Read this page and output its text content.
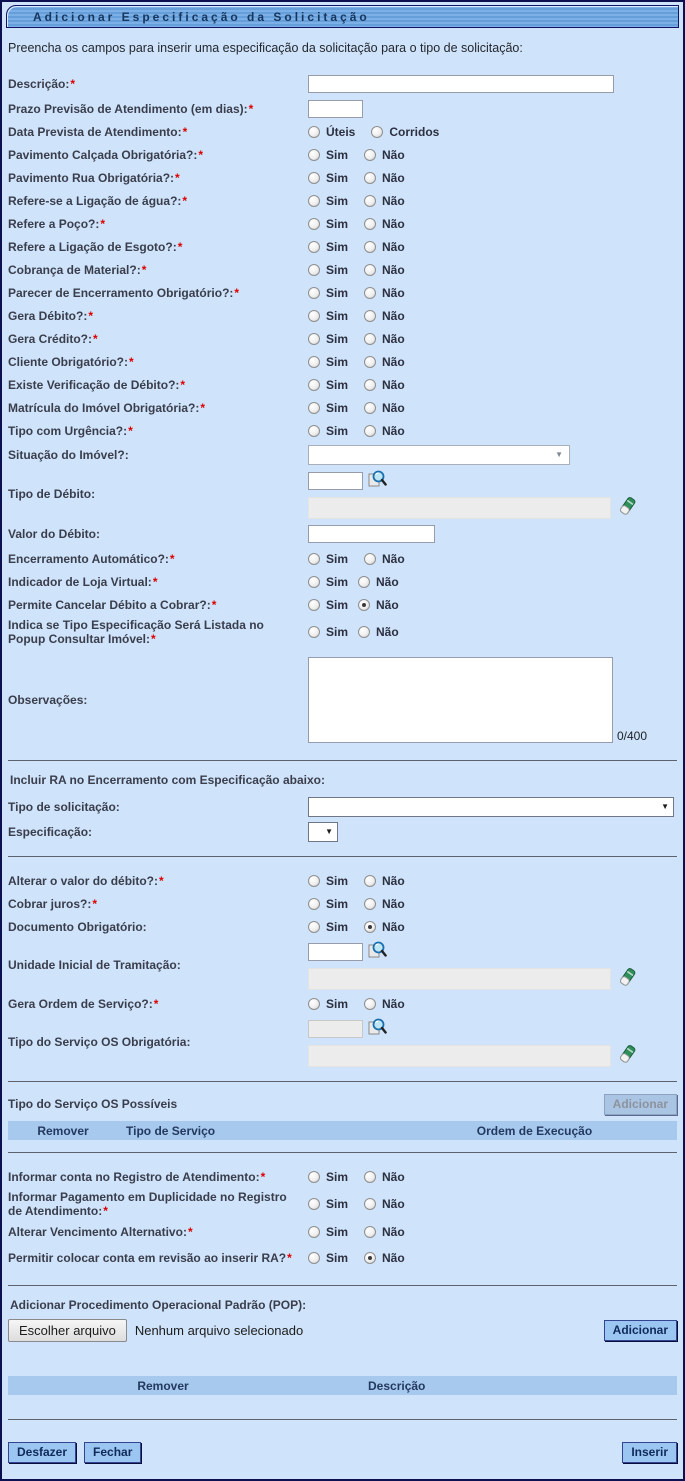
Adicionar Especificação da Solicitação
Preencha os campos para inserir uma especificação da solicitação para o tipo de solicitação:
Descrição:*
Prazo Previsão de Atendimento (em dias):*
Data Prevista de Atendimento:*	Úteis	Corridos
Pavimento Calçada Obrigatória?:*	Sim	Não
Pavimento Rua Obrigatória?:*	Sim	Não
Refere-se a Ligação de água?:*	Sim	Não
Refere a Poço?:*	Sim	Não
Refere a Ligação de Esgoto?:*	Sim	Não
Cobrança de Material?:*	Sim	Não
Parecer de Encerramento Obrigatório?:*	Sim	Não
Gera Débito?:*	Sim	Não
Gera Crédito?:*	Sim	Não
Cliente Obrigatório?:*	Sim	Não
Existe Verificação de Débito?:*	Sim	Não
Matrícula do Imóvel Obrigatória?:*	Sim	Não
Tipo com Urgência?:*	Sim	Não
Situação do Imóvel?:	▼
Tipo de Débito:
Valor do Débito:
Encerramento Automático?:*	Sim	Não
Indicador de Loja Virtual:*	Sim Não
Permite Cancelar Débito a Cobrar?:*	Sim Não
Indica se Tipo Especificação Será Listada no Popup Consultar Imóvel:*	Sim Não
Observações:
0/400
Incluir RA no Encerramento com Especificação abaixo:
Tipo de solicitação:	▼
Especificação:	▼
Alterar o valor do débito?:*	Sim	Não
Cobrar juros?:*	Sim	Não
Documento Obrigatório:	Sim	Não
Unidade Inicial de Tramitação:
Gera Ordem de Serviço?:*	Sim	Não
Tipo do Serviço OS Obrigatória:
Tipo do Serviço OS Possíveis	Adicionar
Remover	Tipo de Serviço	Ordem de Execução
Informar conta no Registro de Atendimento:*	Sim	Não
Informar Pagamento em Duplicidade no Registro de Atendimento:*	Sim	Não
Alterar Vencimento Alternativo:*	Sim	Não
Permitir colocar conta em revisão ao inserir RA?*	Sim	Não
Adicionar Procedimento Operacional Padrão (POP):
Escolher arquivo	Nenhum arquivo selecionado	Adicionar
Remover	Descrição
Desfazer	Fechar	Inserir
